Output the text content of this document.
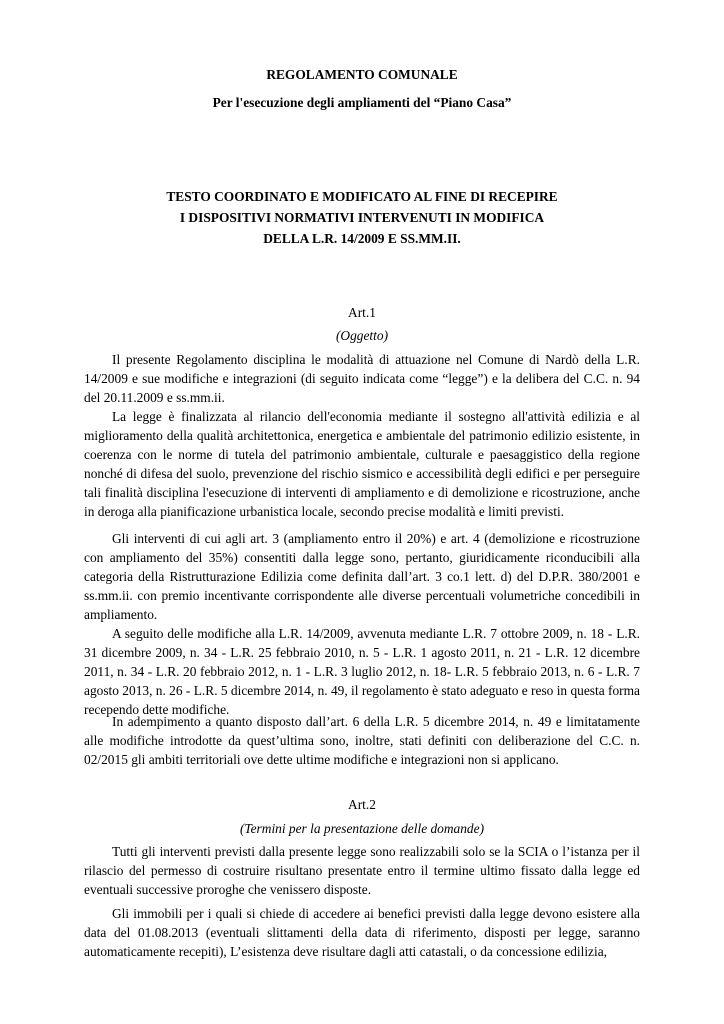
REGOLAMENTO COMUNALE
Per l'esecuzione degli ampliamenti del “Piano Casa”
TESTO COORDINATO E MODIFICATO AL FINE DI RECEPIRE
I DISPOSITIVI NORMATIVI INTERVENUTI IN MODIFICA
DELLA L.R. 14/2009 E SS.MM.II.
Art.1
(Oggetto)
Il presente Regolamento disciplina le modalità di attuazione nel Comune di Nardò della L.R. 14/2009 e sue modifiche e integrazioni (di seguito indicata come “legge”) e la delibera del C.C. n. 94 del 20.11.2009 e ss.mm.ii.
La legge è finalizzata al rilancio dell'economia mediante il sostegno all'attività edilizia e al miglioramento della qualità architettonica, energetica e ambientale del patrimonio edilizio esistente, in coerenza con le norme di tutela del patrimonio ambientale, culturale e paesaggistico della regione nonché di difesa del suolo, prevenzione del rischio sismico e accessibilità degli edifici e per perseguire tali finalità disciplina l'esecuzione di interventi di ampliamento e di demolizione e ricostruzione, anche in deroga alla pianificazione urbanistica locale, secondo precise modalità e limiti previsti.
Gli interventi di cui agli art. 3 (ampliamento entro il 20%) e art. 4 (demolizione e ricostruzione con ampliamento del 35%) consentiti dalla legge sono, pertanto, giuridicamente riconducibili alla categoria della Ristrutturazione Edilizia come definita dall’art. 3 co.1 lett. d) del D.P.R. 380/2001 e ss.mm.ii. con premio incentivante corrispondente alle diverse percentuali volumetriche concedibili in ampliamento.
A seguito delle modifiche alla L.R. 14/2009, avvenuta mediante L.R. 7 ottobre 2009, n. 18 - L.R. 31 dicembre 2009, n. 34 - L.R. 25 febbraio 2010, n. 5 - L.R. 1 agosto 2011, n. 21 - L.R. 12 dicembre 2011, n. 34 - L.R. 20 febbraio 2012, n. 1 - L.R. 3 luglio 2012, n. 18- L.R. 5 febbraio 2013, n. 6 - L.R. 7 agosto 2013, n. 26 - L.R. 5 dicembre 2014, n. 49, il regolamento è stato adeguato e reso in questa forma recependo dette modifiche.
In adempimento a quanto disposto dall’art. 6 della L.R. 5 dicembre 2014, n. 49 e limitatamente alle modifiche introdotte da quest’ultima sono, inoltre, stati definiti con deliberazione del C.C. n. 02/2015 gli ambiti territoriali ove dette ultime modifiche e integrazioni non si applicano.
Art.2
(Termini per la presentazione delle domande)
Tutti gli interventi previsti dalla presente legge sono realizzabili solo se la SCIA o l’istanza per il rilascio del permesso di costruire risultano presentate entro il termine ultimo fissato dalla legge ed eventuali successive proroghe che venissero disposte.
Gli immobili per i quali si chiede di accedere ai benefici previsti dalla legge devono esistere alla data del 01.08.2013 (eventuali slittamenti della data di riferimento, disposti per legge, saranno automaticamente recepiti), L’esistenza deve risultare dagli atti catastali, o da concessione edilizia,
